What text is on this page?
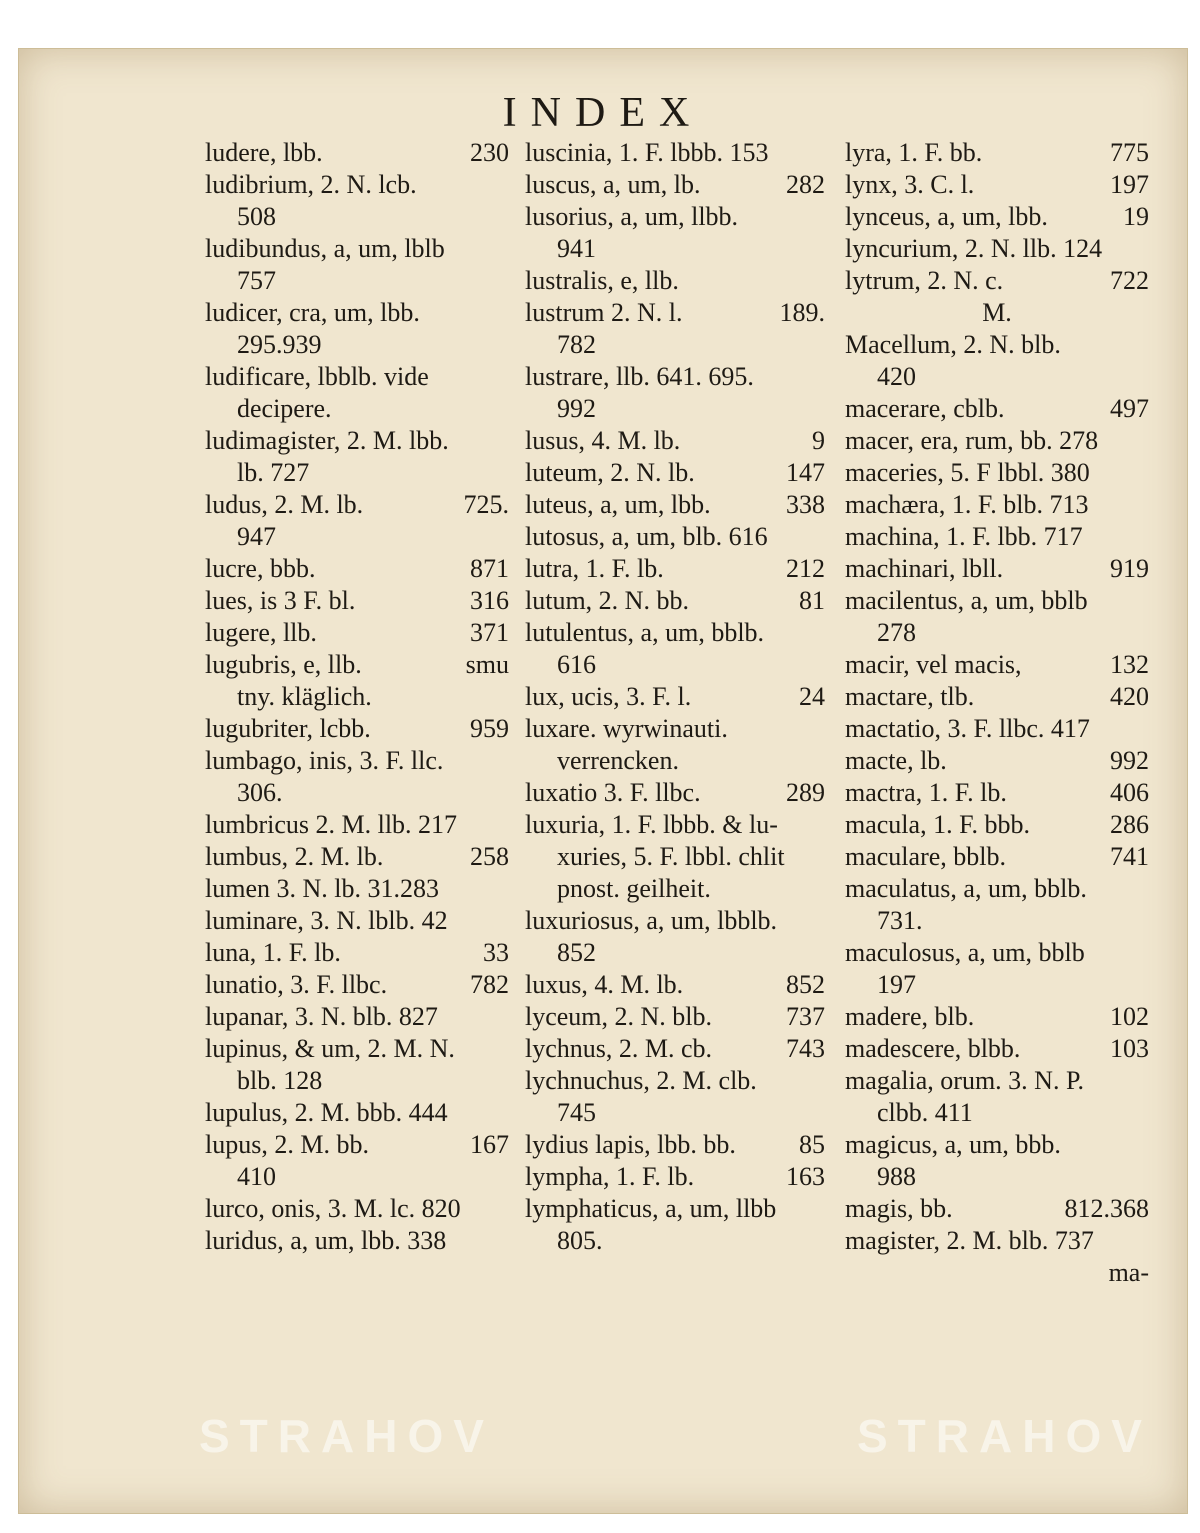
INDEX
ludere, lbb.	230
ludibrium, 2. N. lcb.
508
ludibundus, a, um, lblb
757
ludicer, cra, um, lbb.
295.939
ludificare, lbblb. vide
decipere.
ludimagister, 2. M. lbb.
lb. 727
ludus, 2. M. lb.	725.
947
lucre, bbb.	871
lues, is 3 F. bl.	316
lugere, llb.	371
lugubris, e, llb.	smu
tny. kläglich.
lugubriter, lcbb.	959
lumbago, inis, 3. F. llc.
306.
lumbricus 2. M. llb. 217
lumbus, 2. M. lb.	258
lumen 3. N. lb. 31.283
luminare, 3. N. lblb. 42
luna, 1. F. lb.	33
lunatio, 3. F. llbc.	782
lupanar, 3. N. blb. 827
lupinus, & um, 2. M. N.
blb. 128
lupulus, 2. M. bbb. 444
lupus, 2. M. bb.	167
410
lurco, onis, 3. M. lc. 820
luridus, a, um, lbb. 338
luscinia, 1. F. lbbb. 153
luscus, a, um, lb.	282
lusorius, a, um, llbb.
941
lustralis, e, llb.
lustrum 2. N. l.	189.
782
lustrare, llb. 641. 695.
992
lusus, 4. M. lb.	9
luteum, 2. N. lb.	147
luteus, a, um, lbb.	338
lutosus, a, um, blb. 616
lutra, 1. F. lb.	212
lutum, 2. N. bb.	81
lutulentus, a, um, bblb.
616
lux, ucis, 3. F. l.	24
luxare. wyrwinauti.
verrencken.
luxatio 3. F. llbc.	289
luxuria, 1. F. lbbb. & lu-
xuries, 5. F. lbbl. chlit
pnost. geilheit.
luxuriosus, a, um, lbblb.
852
luxus, 4. M. lb.	852
lyceum, 2. N. blb.	737
lychnus, 2. M. cb.	743
lychnuchus, 2. M. clb.
745
lydius lapis, lbb. bb. 85
lympha, 1. F. lb.	163
lymphaticus, a, um, llbb
805.
lyra, 1. F. bb.	775
lynx, 3. C. l.	197
lynceus, a, um, lbb.	19
lyncurium, 2. N. llb. 124
lytrum, 2. N. c.	722
M.
Macellum, 2. N. blb.
420
macerare, cblb.	497
macer, era, rum, bb. 278
maceries, 5. F lbbl. 380
machæra, 1. F. blb. 713
machina, 1. F. lbb. 717
machinari, lbll.	919
macilentus, a, um, bblb
278
macir, vel macis,	132
mactare, tlb.	420
mactatio, 3. F. llbc. 417
macte, lb.	992
mactra, 1. F. lb.	406
macula, 1. F. bbb.	286
maculare, bblb.	741
maculatus, a, um, bblb.
731.
maculosus, a, um, bblb
197
madere, blb.	102
madescere, blbb.	103
magalia, orum. 3. N. P.
clbb. 411
magicus, a, um, bbb.
988
magis, bb.	812.368
magister, 2. M. blb. 737
ma-
STRAHOV	STRAHOV
